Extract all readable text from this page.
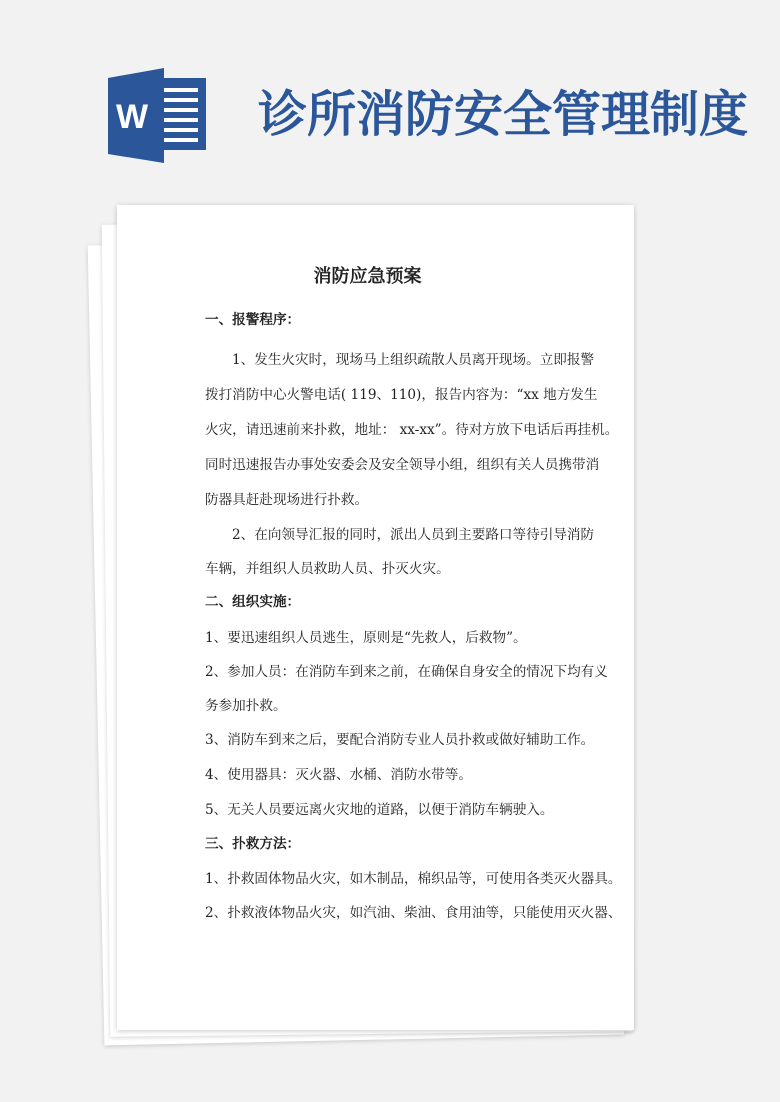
W 诊所消防安全管理制度
消防应急预案
一、报警程序：
1、发生火灾时，现场马上组织疏散人员离开现场。立即报警
拨打消防中心火警电话( 119、110)，报告内容为：“xx 地方发生
火灾，请迅速前来扑救，地址： xx-xx”。待对方放下电话后再挂机。
同时迅速报告办事处安委会及安全领导小组，组织有关人员携带消
防器具赶赴现场进行扑救。
2、在向领导汇报的同时，派出人员到主要路口等待引导消防
车辆，并组织人员救助人员、扑灭火灾。
二、组织实施：
1、要迅速组织人员逃生，原则是“先救人，后救物”。
2、参加人员：在消防车到来之前，在确保自身安全的情况下均有义
务参加扑救。
3、消防车到来之后，要配合消防专业人员扑救或做好辅助工作。
4、使用器具：灭火器、水桶、消防水带等。
5、无关人员要远离火灾地的道路，以便于消防车辆驶入。
三、扑救方法：
1、扑救固体物品火灾，如木制品，棉织品等，可使用各类灭火器具。
2、扑救液体物品火灾，如汽油、柴油、食用油等，只能使用灭火器、
